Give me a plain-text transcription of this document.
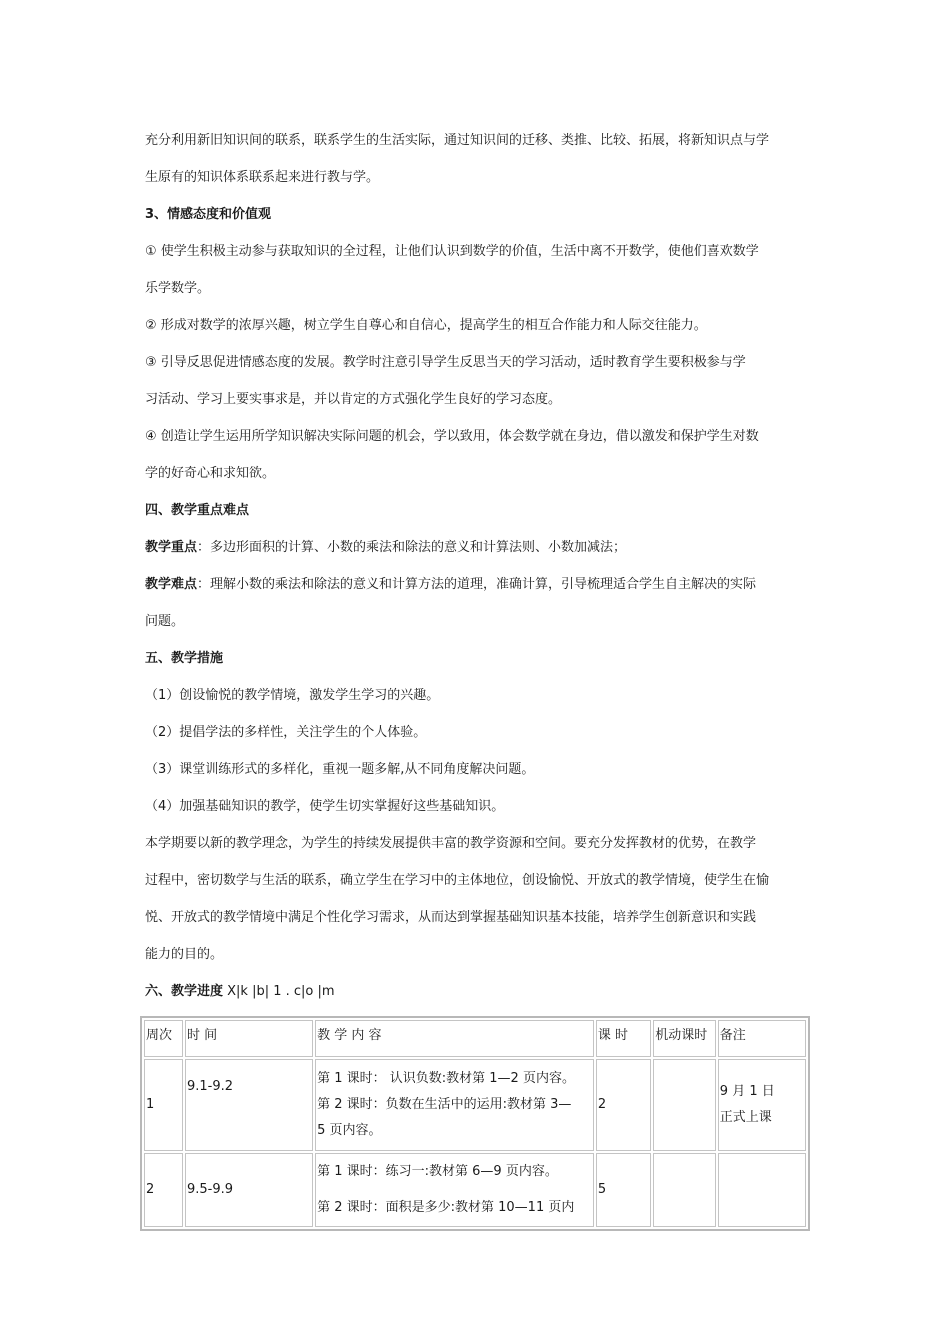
充分利用新旧知识间的联系，联系学生的生活实际，通过知识间的迁移、类推、比较、拓展，将新知识点与学

生原有的知识体系联系起来进行教与学。

3、情感态度和价值观

① 使学生积极主动参与获取知识的全过程，让他们认识到数学的价值，生活中离不开数学，使他们喜欢数学

乐学数学。

② 形成对数学的浓厚兴趣，树立学生自尊心和自信心，提高学生的相互合作能力和人际交往能力。

③ 引导反思促进情感态度的发展。教学时注意引导学生反思当天的学习活动，适时教育学生要积极参与学

习活动、学习上要实事求是，并以肯定的方式强化学生良好的学习态度。

④ 创造让学生运用所学知识解决实际问题的机会，学以致用，体会数学就在身边，借以激发和保护学生对数

学的好奇心和求知欲。

四、教学重点难点

教学重点：多边形面积的计算、小数的乘法和除法的意义和计算法则、小数加减法；

教学难点：理解小数的乘法和除法的意义和计算方法的道理，准确计算，引导梳理适合学生自主解决的实际

问题。

五、教学措施

（1）创设愉悦的教学情境，激发学生学习的兴趣。

（2）提倡学法的多样性，关注学生的个人体验。

（3）课堂训练形式的多样化，重视一题多解,从不同角度解决问题。

（4）加强基础知识的教学，使学生切实掌握好这些基础知识。

本学期要以新的教学理念，为学生的持续发展提供丰富的教学资源和空间。要充分发挥教材的优势，在教学

过程中，密切数学与生活的联系，确立学生在学习中的主体地位，创设愉悦、开放式的教学情境，使学生在愉

悦、开放式的教学情境中满足个性化学习需求，从而达到掌握基础知识基本技能，培养学生创新意识和实践

能力的目的。

六、教学进度 X|k |b| 1 . c|o |m

周次	时 间	教 学 内 容	课 时	机动课时	备注
1	9.1-9.2	第 1 课时： 认识负数:教材第 1—2 页内容。
第 2 课时：负数在生活中的运用:教材第 3—
5 页内容。	2		9 月 1 日
正式上课

2	9.5-9.9	第 1 课时：练习一:教材第 6—9 页内容。
第 2 课时：面积是多少:教材第 10—11 页内	5		
